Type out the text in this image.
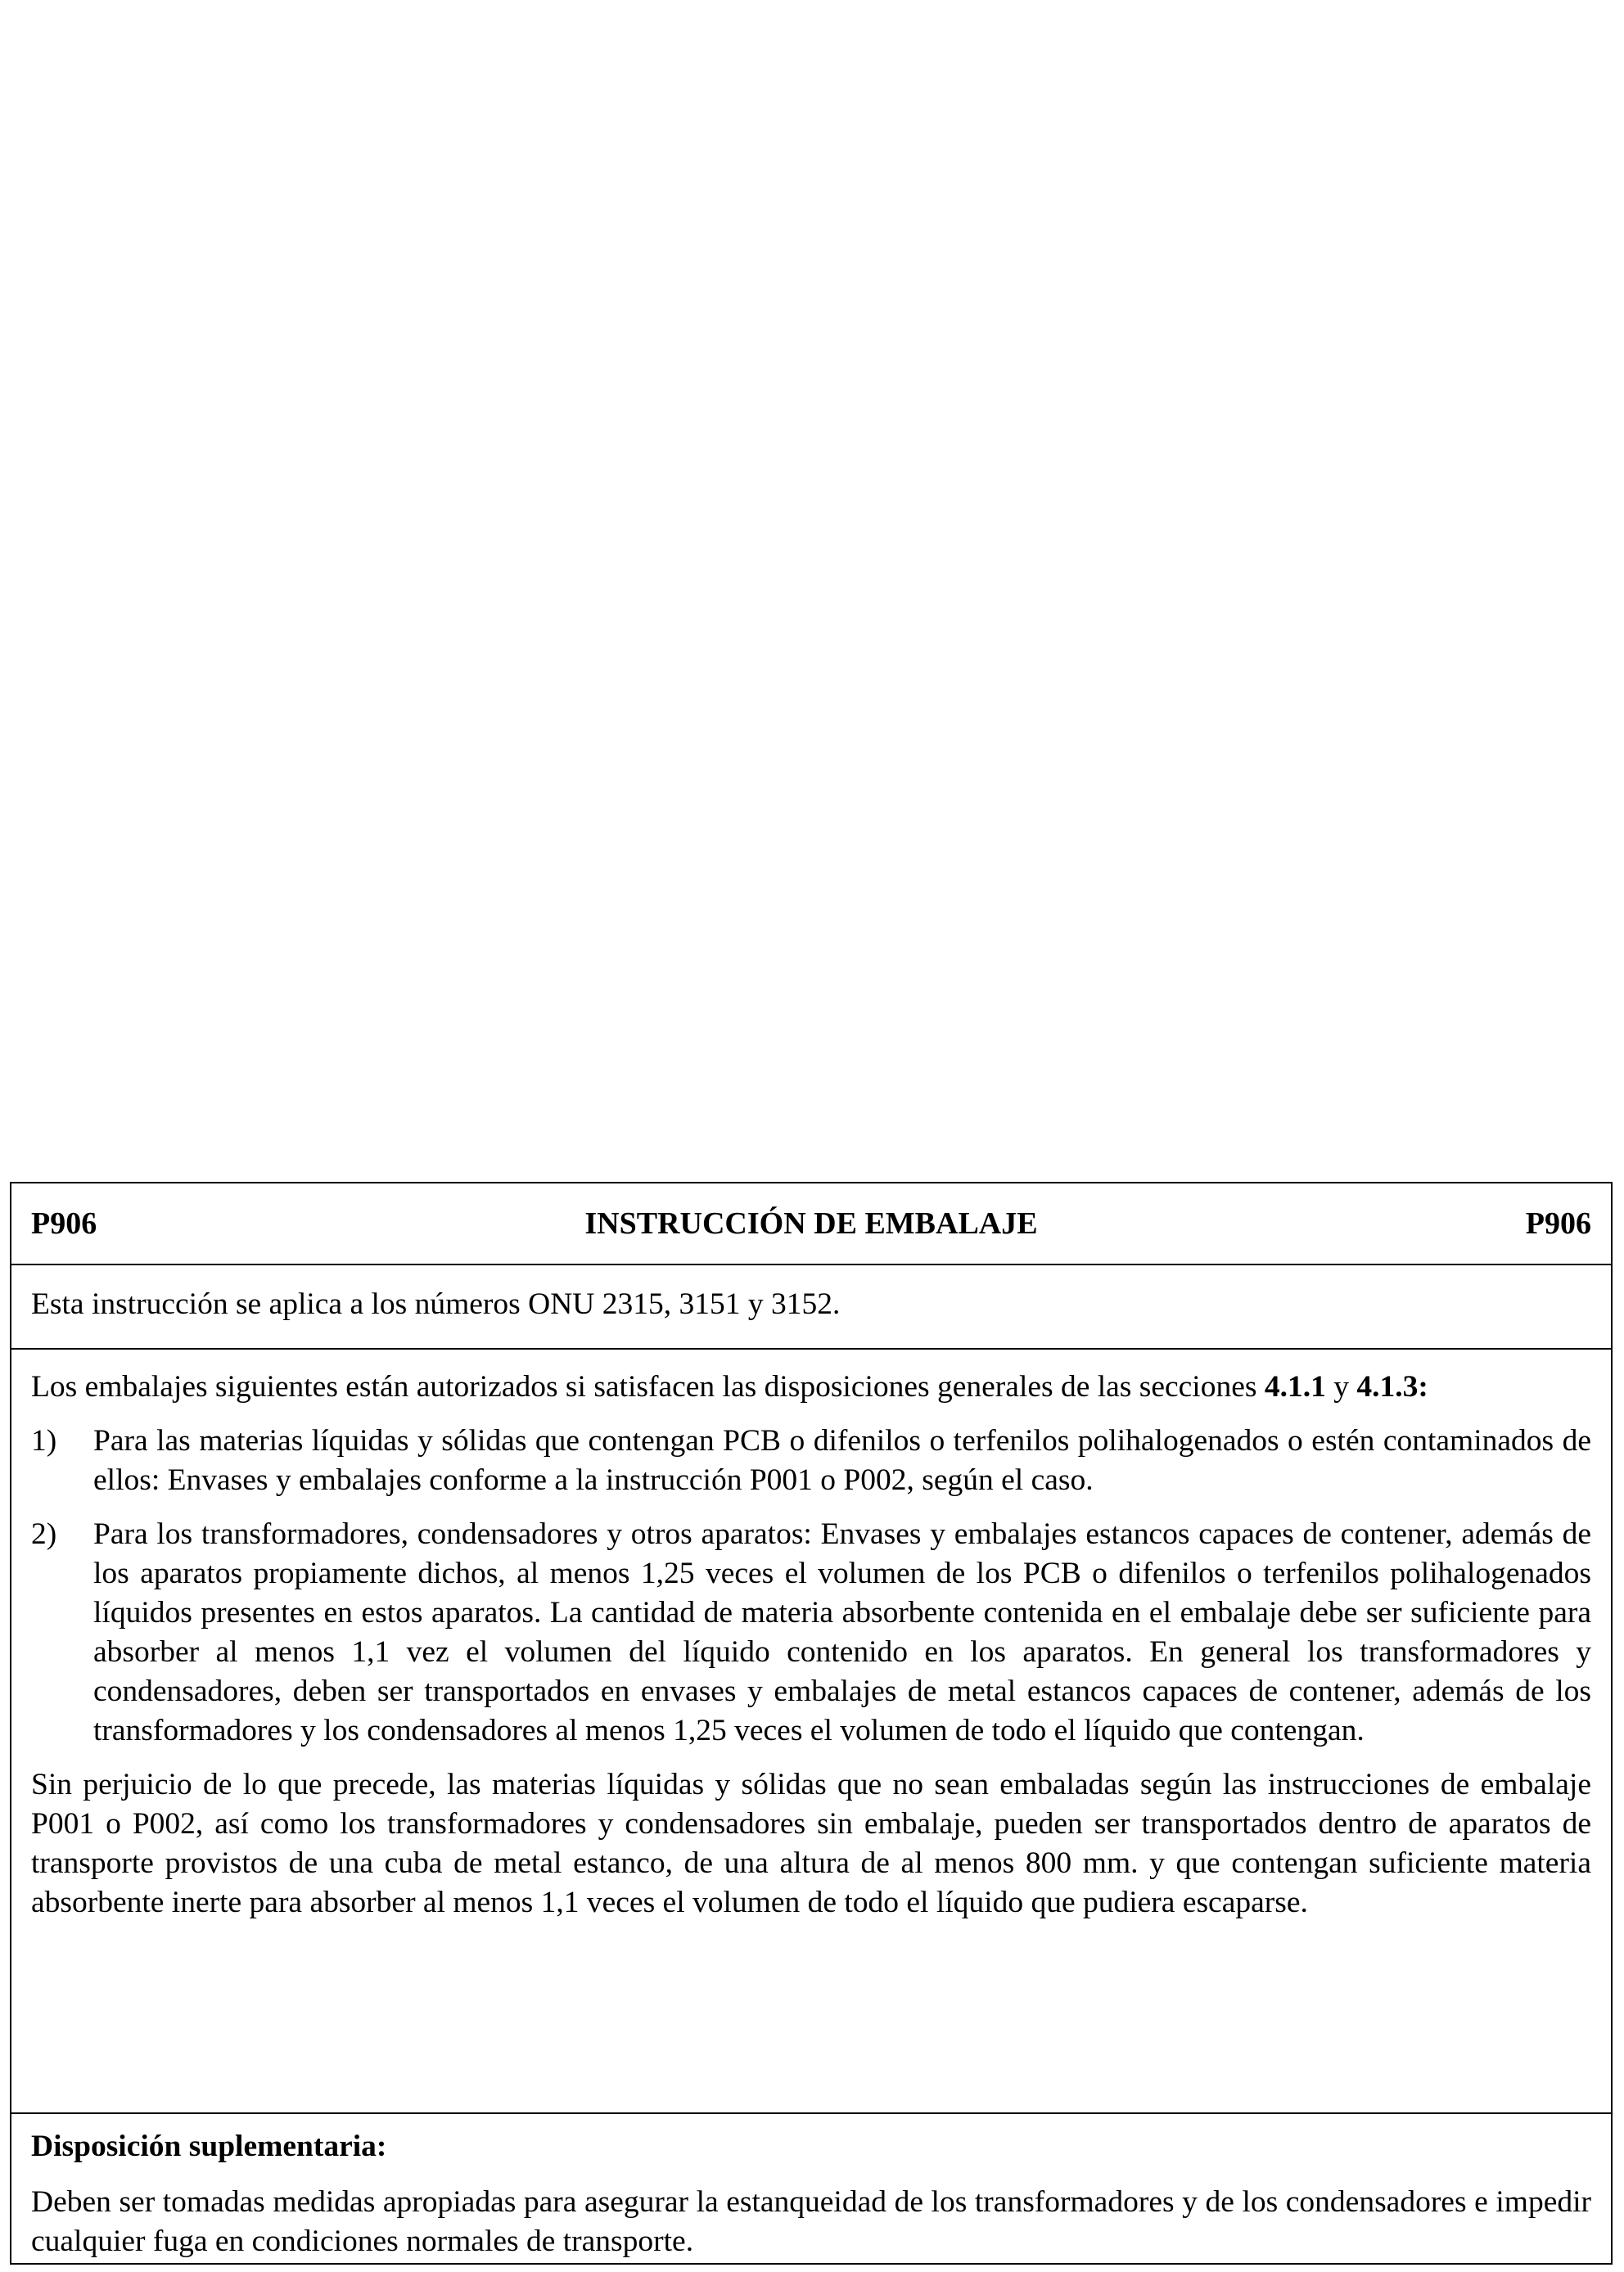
P906	INSTRUCCIÓN DE EMBALAJE	P906

Esta instrucción se aplica a los números ONU 2315, 3151 y 3152.

Los embalajes siguientes están autorizados si satisfacen las disposiciones generales de las secciones 4.1.1 y 4.1.3:

1)	Para las materias líquidas y sólidas que contengan PCB o difenilos o terfenilos polihalogenados o estén contaminados de ellos: Envases y embalajes conforme a la instrucción P001 o P002, según el caso.
2)	Para los transformadores, condensadores y otros aparatos: Envases y embalajes estancos capaces de contener, además de los aparatos propiamente dichos, al menos 1,25 veces el volumen de los PCB o difenilos o terfenilos polihalogenados líquidos presentes en estos aparatos. La cantidad de materia absorbente contenida en el embalaje debe ser suficiente para absorber al menos 1,1 vez el volumen del líquido contenido en los aparatos. En general los transformadores y condensadores, deben ser transportados en envases y embalajes de metal estancos capaces de contener, además de los transformadores y los condensadores al menos 1,25 veces el volumen de todo el líquido que contengan.

Sin perjuicio de lo que precede, las materias líquidas y sólidas que no sean embaladas según las instrucciones de embalaje P001 o P002, así como los transformadores y condensadores sin embalaje, pueden ser transportados dentro de aparatos de transporte provistos de una cuba de metal estanco, de una altura de al menos 800 mm. y que contengan suficiente materia absorbente inerte para absorber al menos 1,1 veces el volumen de todo el líquido que pudiera escaparse.

Disposición suplementaria:

Deben ser tomadas medidas apropiadas para asegurar la estanqueidad de los transformadores y de los condensadores e impedir cualquier fuga en condiciones normales de transporte.
